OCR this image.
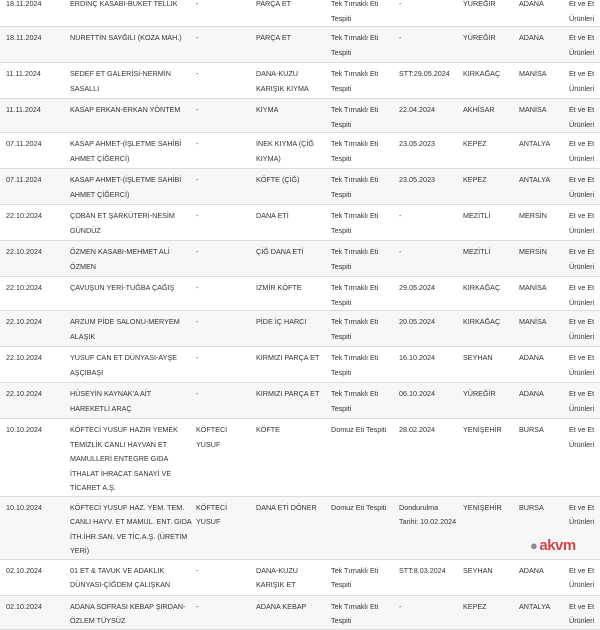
18.11.2024	ERDİNÇ KASABI-BUKET TELLİK	-	PARÇA ET	Tek Tırnaklı Eti Tespiti	-	YÜREĞİR	ADANA	Et ve Et Ürünleri
18.11.2024	NURETTİN SAYĞILI (KOZA MAH.)	-	PARÇA ET	Tek Tırnaklı Eti Tespiti	-	YÜREĞİR	ADANA	Et ve Et Ürünleri
11.11.2024	SEDEF ET GALERİSİ-NERMİN SASALLI	-	DANA-KUZU KARIŞIK KIYMA	Tek Tırnaklı Eti Tespiti	STT:29.05.2024	KIRKAĞAÇ	MANİSA	Et ve Et Ürünleri
11.11.2024	KASAP ERKAN-ERKAN YÖNTEM	-	KIYMA	Tek Tırnaklı Eti Tespiti	22.04.2024	AKHİSAR	MANİSA	Et ve Et Ürünleri
07.11.2024	KASAP AHMET-(İŞLETME SAHİBİ AHMET ÇİĞERCİ)	-	İNEK KIYMA (ÇİĞ KIYMA)	Tek Tırnaklı Eti Tespiti	23.05.2023	KEPEZ	ANTALYA	Et ve Et Ürünleri
07.11.2024	KASAP AHMET-(İŞLETME SAHİBİ AHMET ÇİĞERCİ)	-	KÖFTE (ÇİĞ)	Tek Tırnaklı Eti Tespiti	23.05.2023	KEPEZ	ANTALYA	Et ve Et Ürünleri
22.10.2024	ÇOBAN ET ŞARKÜTERİ-NESİM GÜNDÜZ	-	DANA ETİ	Tek Tırnaklı Eti Tespiti	-	MEZİTLİ	MERSİN	Et ve Et Ürünleri
22.10.2024	ÖZMEN KASABI-MEHMET ALİ ÖZMEN	-	ÇİĞ DANA ETİ	Tek Tırnaklı Eti Tespiti	-	MEZİTLİ	MERSİN	Et ve Et Ürünleri
22.10.2024	ÇAVUŞUN YERİ-TUĞBA ÇAĞIŞ	-	İZMİR KÖFTE	Tek Tırnaklı Eti Tespiti	29.05.2024	KIRKAĞAÇ	MANİSA	Et ve Et Ürünleri
22.10.2024	ARZUM PİDE SALONU-MERYEM ALAŞIK	-	PİDE İÇ HARCI	Tek Tırnaklı Eti Tespiti	20.05.2024	KIRKAĞAÇ	MANİSA	Et ve Et Ürünleri
22.10.2024	YUSUF CAN ET DÜNYASI-AYŞE AŞÇIBAŞI	-	KIRMIZI PARÇA ET	Tek Tırnaklı Eti Tespiti	16.10.2024	SEYHAN	ADANA	Et ve Et Ürünleri
22.10.2024	HÜSEYİN KAYNAK'A AİT HAREKETLİ ARAÇ	-	KIRMIZI PARÇA ET	Tek Tırnaklı Eti Tespiti	06.10.2024	YÜREĞİR	ADANA	Et ve Et Ürünleri
10.10.2024	KÖFTECİ YUSUF HAZIR YEMEK TEMİZLİK CANLI HAYVAN ET MAMULLERİ ENTEGRE GIDA İTHALAT İHRACAT SANAYİ VE TİCARET A.Ş.	KÖFTECİ YUSUF	KÖFTE	Domuz Eti Tespiti	28.02.2024	YENİŞEHİR	BURSA	Et ve Et Ürünleri
10.10.2024	KÖFTECİ YUSUF HAZ. YEM. TEM. CANLI HAYV. ET MAMUL. ENT. GIDA İTH.İHR.SAN. VE TİC.A.Ş. (ÜRETİM YERİ)	KÖFTECİ YUSUF	DANA ETİ DÖNER	Domuz Eti Tespiti	Dondurulma Tarihi: 10.02.2024	YENİŞEHİR	BURSA	Et ve Et Ürünleri
02.10.2024	01 ET & TAVUK VE ADAKLIK DÜNYASI-ÇİĞDEM ÇALIŞKAN	-	DANA-KUZU KARIŞIK ET	Tek Tırnaklı Eti Tespiti	STT:8.03.2024	SEYHAN	ADANA	Et ve Et Ürünleri
02.10.2024	ADANA SOFRASI KEBAP ŞIRDAN-ÖZLEM TÜYSÜZ	-	ADANA KEBAP	Tek Tırnaklı Eti Tespiti	-	KEPEZ	ANTALYA	Et ve Et Ürünleri
● akvm
